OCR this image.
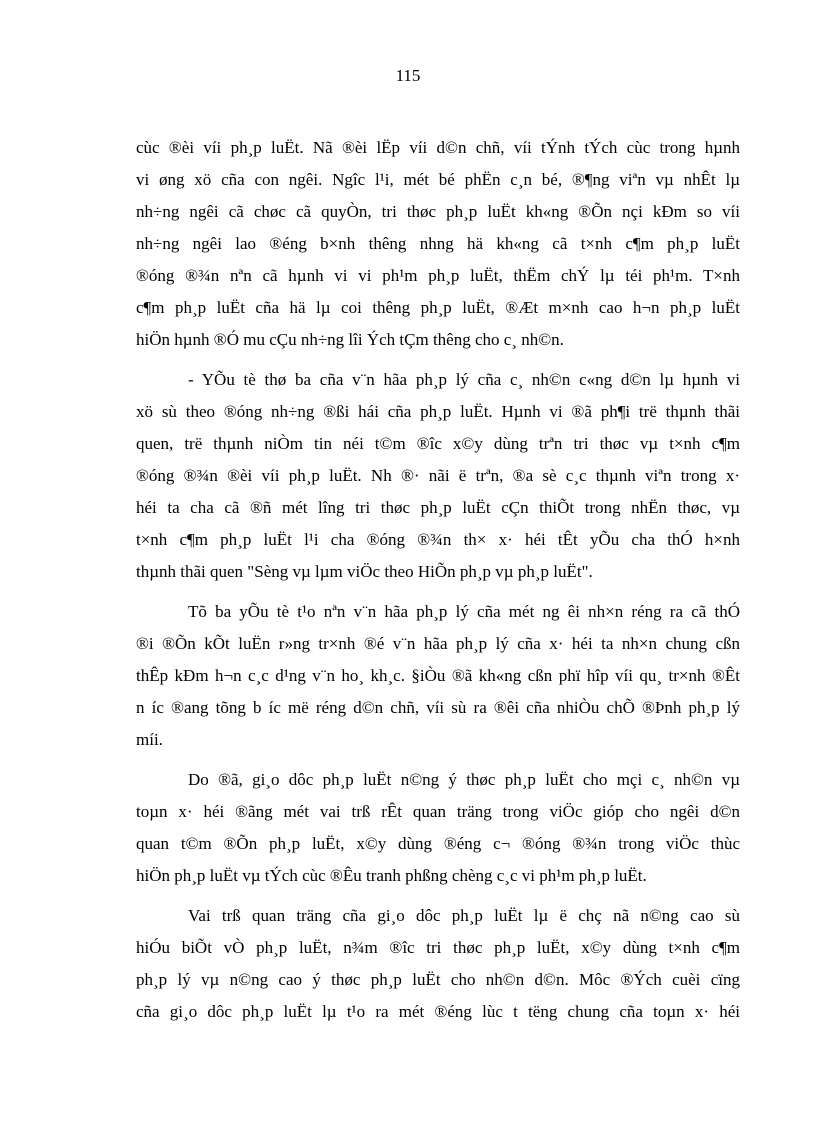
115

cùc ®èi víi ph¸p luËt. Nã ®èi lËp víi d©n chñ, víi tÝnh tÝch cùc trong hµnh
vi øng xö cña con ngêi. Ngîc l¹i, mét bé phËn c¸n bé, ®¶ng viªn vµ nhÊt lµ
nh÷ng ngêi cã chøc cã quyÒn, tri thøc ph¸p luËt kh«ng ®Õn nçi kÐm so víi
nh÷ng ngêi lao ®éng b×nh thêng nhng hä kh«ng cã t×nh c¶m ph¸p luËt
®óng ®¾n nªn cã hµnh vi vi ph¹m ph¸p luËt, thËm chÝ lµ téi ph¹m. T×nh
c¶m ph¸p luËt cña hä lµ coi thêng ph¸p luËt, ®Æt m×nh cao h¬n ph¸p luËt
hiÖn hµnh ®Ó mu cÇu nh÷ng lîi Ých tÇm thêng cho c¸ nh©n.

- YÕu tè thø ba cña v¨n hãa ph¸p lý cña c¸ nh©n c«ng d©n lµ hµnh vi
xö sù theo ®óng nh÷ng ®ßi hái cña ph¸p luËt. Hµnh vi ®ã ph¶i trë thµnh thãi
quen, trë thµnh niÒm tin néi t©m ®îc x©y dùng trªn tri thøc vµ t×nh c¶m
®óng ®¾n ®èi víi ph¸p luËt. Nh ®· nãi ë trªn, ®a sè c¸c thµnh viªn trong x·
héi ta cha cã ®ñ mét lîng tri thøc ph¸p luËt cÇn thiÕt trong nhËn thøc, vµ
t×nh c¶m ph¸p luËt l¹i cha ®óng ®¾n th× x· héi tÊt yÕu cha thÓ h×nh
thµnh thãi quen "Sèng vµ lµm viÖc theo HiÕn ph¸p vµ ph¸p luËt".

Tõ ba yÕu tè t¹o nªn v¨n hãa ph¸p lý cña mét ng êi nh×n réng ra cã thÓ
®i ®Õn kÕt luËn r»ng tr×nh ®é v¨n hãa ph¸p lý cña x· héi ta nh×n chung cßn
thÊp kÐm h¬n c¸c d¹ng v¨n ho¸ kh¸c. §iÒu ®ã kh«ng cßn phï hîp víi qu¸ tr×nh ®Êt
n íc ®ang tõng b íc më réng d©n chñ, víi sù ra ®êi cña nhiÒu chÕ ®Þnh ph¸p lý
míi.

Do ®ã, gi¸o dôc ph¸p luËt n©ng ý thøc ph¸p luËt cho mçi c¸ nh©n vµ
toµn x· héi ®ãng mét vai trß rÊt quan träng trong viÖc gióp cho ngêi d©n
quan t©m ®Õn ph¸p luËt, x©y dùng ®éng c¬ ®óng ®¾n trong viÖc thùc
hiÖn ph¸p luËt vµ tÝch cùc ®Êu tranh phßng chèng c¸c vi ph¹m ph¸p luËt.

Vai trß quan träng cña gi¸o dôc ph¸p luËt lµ ë chç nã n©ng cao sù
hiÓu biÕt vÒ ph¸p luËt, n¾m ®îc tri thøc ph¸p luËt, x©y dùng t×nh c¶m
ph¸p lý vµ n©ng cao ý thøc ph¸p luËt cho nh©n d©n. Môc ®Ých cuèi cïng
cña gi¸o dôc ph¸p luËt lµ t¹o ra mét ®éng lùc t tëng chung cña toµn x· héi
